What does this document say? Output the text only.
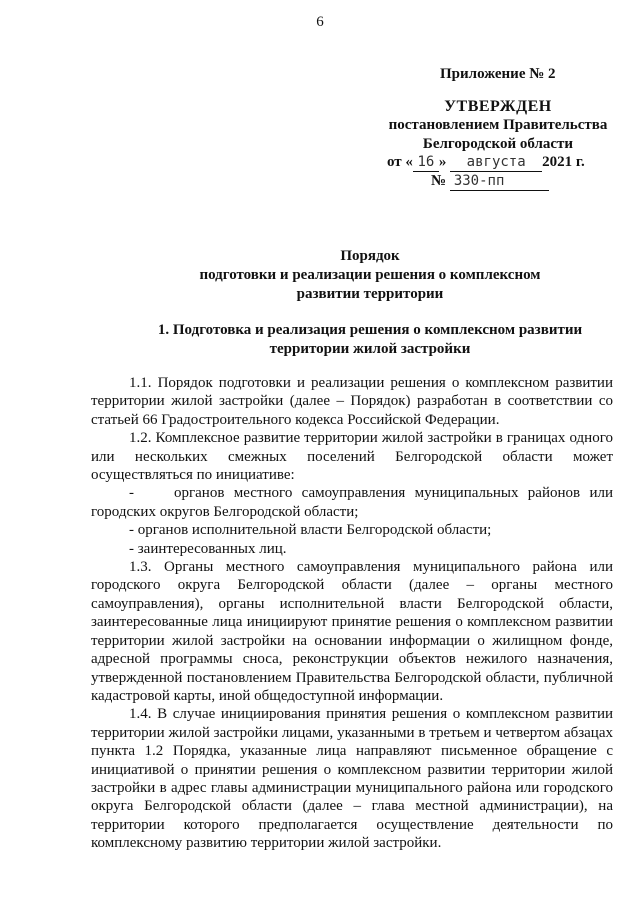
6
Приложение № 2
УТВЕРЖДЕН
постановлением Правительства
Белгородской области
от « 16 » августа 2021 г.
№ 330-пп
Порядок
подготовки и реализации решения о комплексном
развитии территории
1. Подготовка и реализация решения о комплексном развитии
территории жилой застройки

1.1. Порядок подготовки и реализации решения о комплексном развитии территории жилой застройки (далее – Порядок) разработан в соответствии со статьей 66 Градостроительного кодекса Российской Федерации.

1.2. Комплексное развитие территории жилой застройки в границах одного или нескольких смежных поселений Белгородской области может осуществляться по инициативе:

-	органов местного самоуправления муниципальных районов или городских округов Белгородской области;

- органов исполнительной власти Белгородской области;

- заинтересованных лиц.

1.3. Органы местного самоуправления муниципального района или городского округа Белгородской области (далее – органы местного самоуправления), органы исполнительной власти Белгородской области, заинтересованные лица инициируют принятие решения о комплексном развитии территории жилой застройки на основании информации о жилищном фонде, адресной программы сноса, реконструкции объектов нежилого назначения, утвержденной постановлением Правительства Белгородской области, публичной кадастровой карты, иной общедоступной информации.

1.4. В случае инициирования принятия решения о комплексном развитии территории жилой застройки лицами, указанными в третьем и четвертом абзацах пункта 1.2 Порядка, указанные лица направляют письменное обращение с инициативой о принятии решения о комплексном развитии территории жилой застройки в адрес главы администрации муниципального района или городского округа Белгородской области (далее – глава местной администрации), на территории которого предполагается осуществление деятельности по комплексному развитию территории жилой застройки.
